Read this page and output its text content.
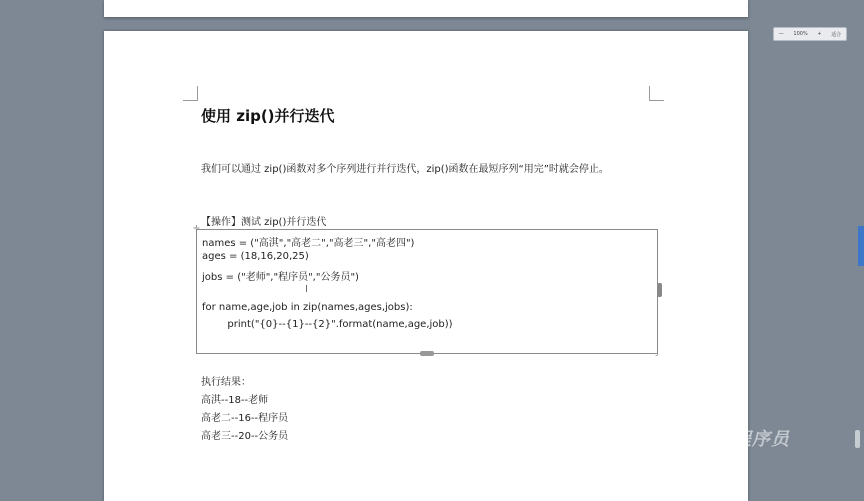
使用 zip()并行迭代

我们可以通过 zip()函数对多个序列进行并行迭代，zip()函数在最短序列“用完”时就会停止。

【操作】测试 zip()并行迭代
✛
names = ("高淇","高老二","高老三","高老四")
ages = (18,16,20,25)
jobs = ("老师","程序员","公务员")
for name,age,job in zip(names,ages,jobs):
print("{0}--{1}--{2}".format(name,age,job))
I
⌟
执行结果：
高淇--18--老师
高老二--16--程序员
高老三--20--公务员
— 100% + 适合
尚学堂·百战程序员
